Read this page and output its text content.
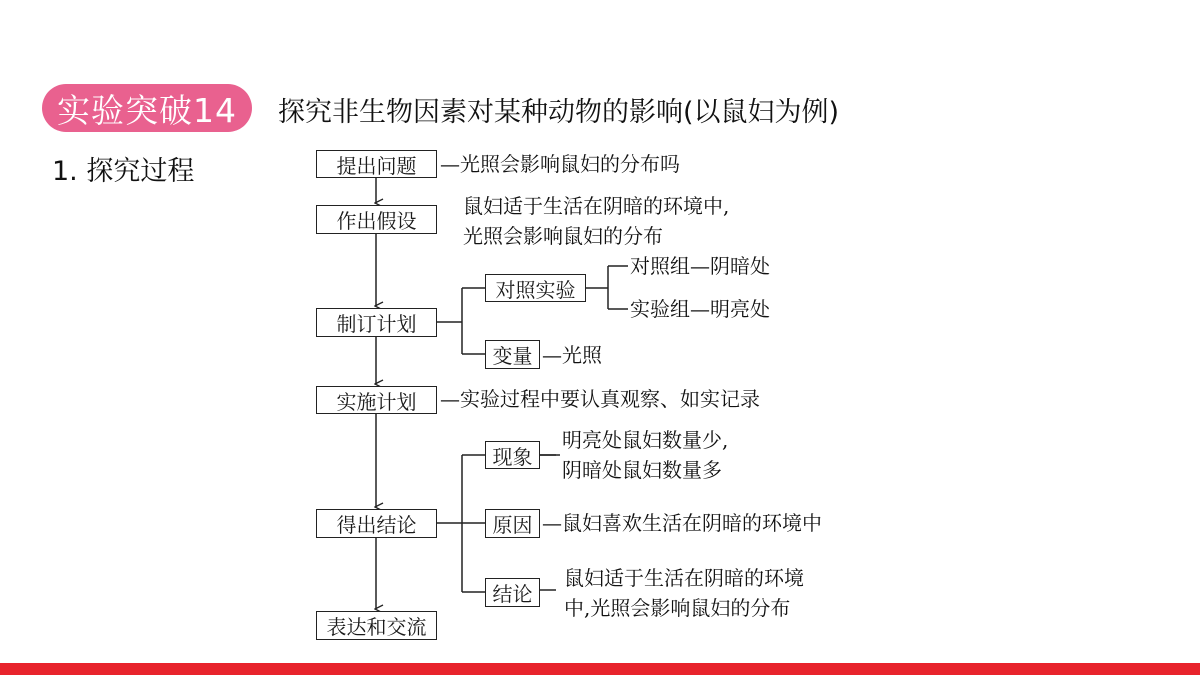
实验突破14	探究非生物因素对某种动物的影响(以鼠妇为例)
1. 探究过程	提出问题
作出假设
制订计划
实施计划
得出结论
表达和交流
—光照会影响鼠妇的分布吗
鼠妇适于生活在阴暗的环境中,
光照会影响鼠妇的分布
对照实验
对照组—阴暗处
实验组—明亮处
变量 —光照
—实验过程中要认真观察、如实记录
现象
明亮处鼠妇数量少,
阴暗处鼠妇数量多
原因 —鼠妇喜欢生活在阴暗的环境中
结论
鼠妇适于生活在阴暗的环境
中,光照会影响鼠妇的分布
